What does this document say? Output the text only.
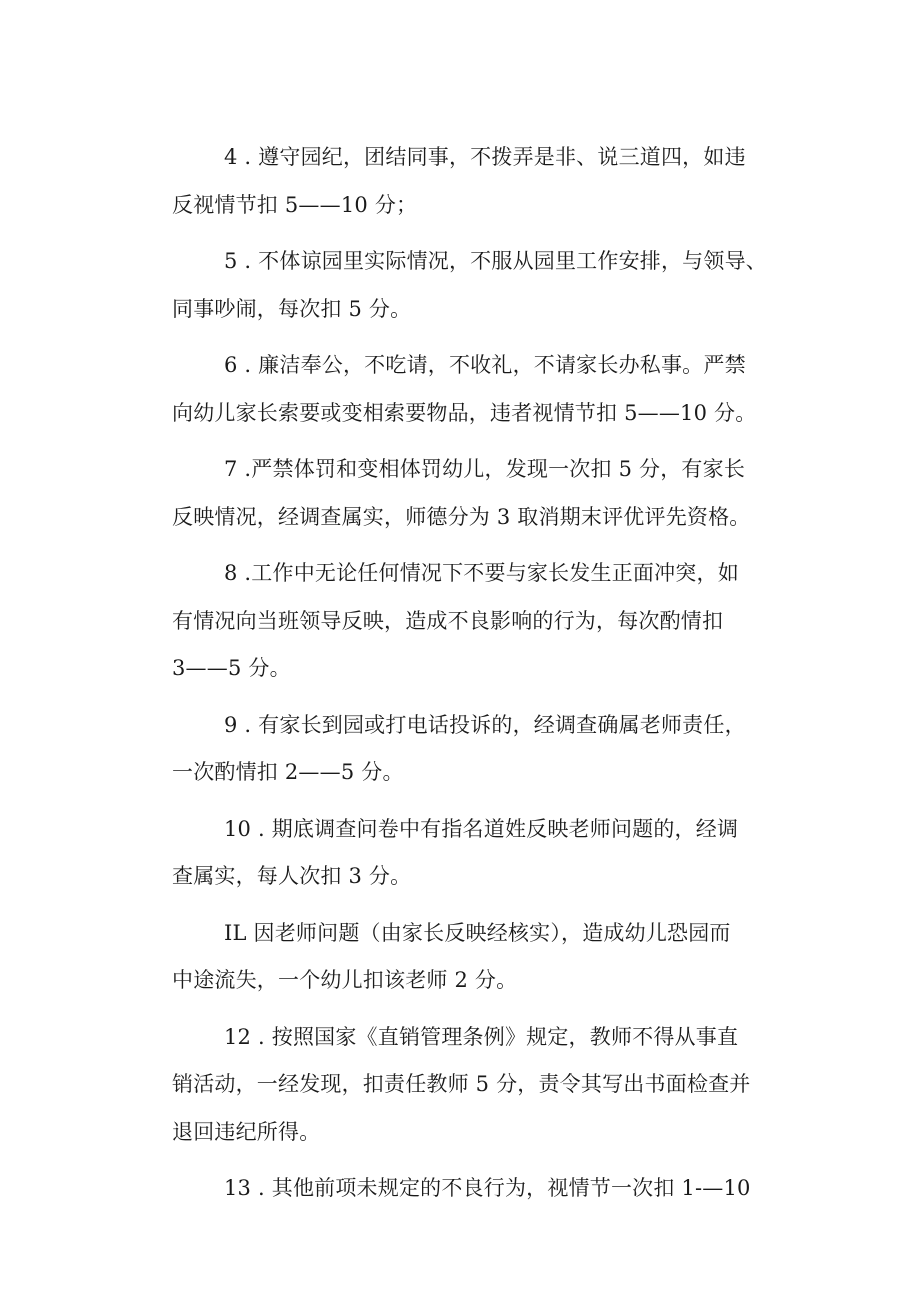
4 . 遵守园纪，团结同事，不拨弄是非、说三道四，如违
反视情节扣 5——10 分；

5 . 不体谅园里实际情况，不服从园里工作安排，与领导、
同事吵闹，每次扣 5 分。

6 . 廉洁奉公，不吃请，不收礼，不请家长办私事。严禁
向幼儿家长索要或变相索要物品，违者视情节扣 5——10 分。

7 .严禁体罚和变相体罚幼儿，发现一次扣 5 分，有家长
反映情况，经调查属实，师德分为 3 取消期末评优评先资格。

8 .工作中无论任何情况下不要与家长发生正面冲突，如
有情况向当班领导反映，造成不良影响的行为，每次酌情扣
3——5 分。

9 . 有家长到园或打电话投诉的，经调查确属老师责任，
一次酌情扣 2——5 分。

10 . 期底调查问卷中有指名道姓反映老师问题的，经调
查属实，每人次扣 3 分。

IL 因老师问题（由家长反映经核实），造成幼儿恐园而
中途流失，一个幼儿扣该老师 2 分。

12 . 按照国家《直销管理条例》规定，教师不得从事直
销活动，一经发现，扣责任教师 5 分，责令其写出书面检查并
退回违纪所得。

13 . 其他前项未规定的不良行为，视情节一次扣 1-—10
